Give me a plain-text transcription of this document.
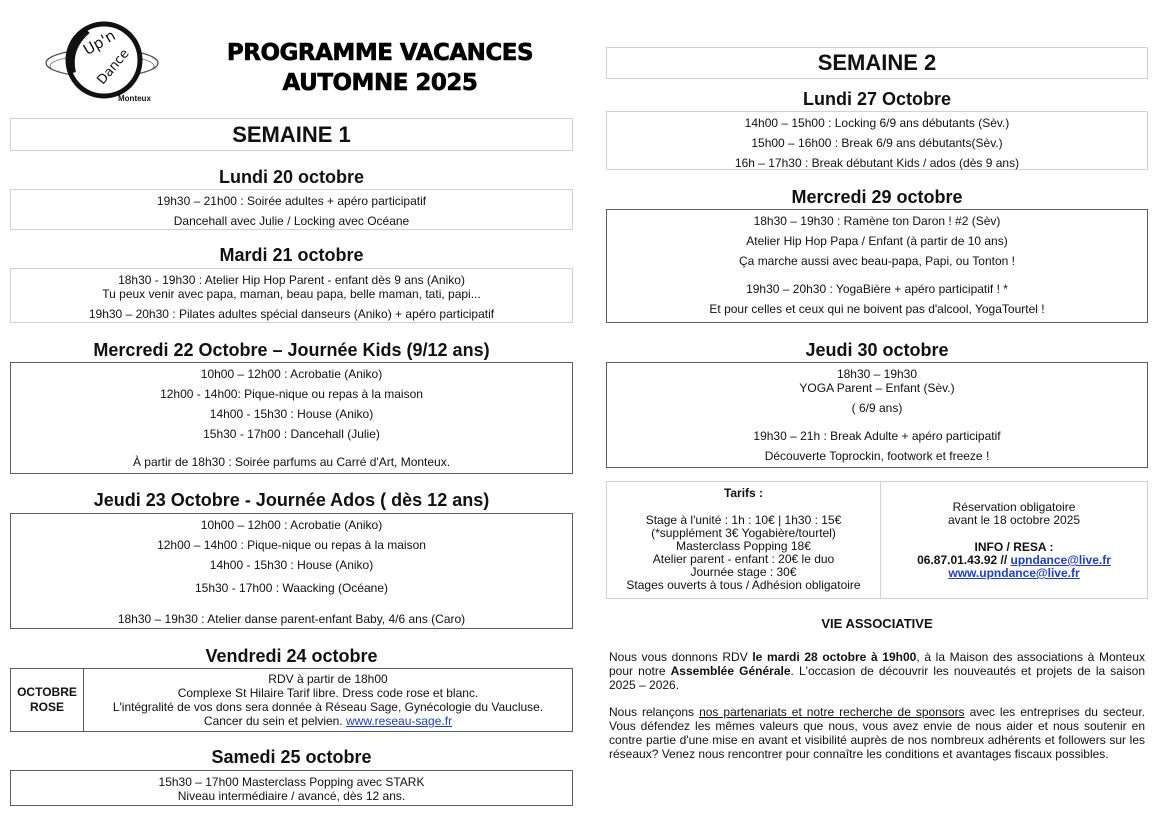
Up'n
Dance
Monteux
PROGRAMME VACANCES
AUTOMNE 2025
SEMAINE 1
Lundi 20 octobre

19h30 – 21h00 : Soirée adultes + apéro participatif

Dancehall avec Julie / Locking avec Océane

Mardi 21 octobre

18h30 - 19h30 : Atelier Hip Hop Parent - enfant dès 9 ans (Aniko)

Tu peux venir avec papa, maman, beau papa, belle maman, tati, papi...

19h30 – 20h30 : Pilates adultes spécial danseurs (Aniko) + apéro participatif

Mercredi 22 Octobre – Journée Kids (9/12 ans)

10h00 – 12h00 : Acrobatie (Aniko)

12h00 - 14h00: Pique-nique ou repas à la maison

14h00 - 15h30 : House (Aniko)

15h30 - 17h00 : Dancehall (Julie)

À partir de 18h30 : Soirée parfums au Carré d'Art, Monteux.

Jeudi 23 Octobre - Journée Ados ( dès 12 ans)

10h00 – 12h00 : Acrobatie (Aniko)

12h00 – 14h00 : Pique-nique ou repas à la maison

14h00 - 15h30 : House (Aniko)

15h30 - 17h00 : Waacking (Océane)

18h30 – 19h30 : Atelier danse parent-enfant Baby, 4/6 ans (Caro)

Vendredi 24 octobre
OCTOBRE
ROSE

RDV à partir de 18h00

Complexe St Hilaire Tarif libre. Dress code rose et blanc.

L'intégralité de vos dons sera donnée à Réseau Sage, Gynécologie du Vaucluse.

Cancer du sein et pelvien. www.reseau-sage.fr

Samedi 25 octobre

15h30 – 17h00 Masterclass Popping avec STARK

Niveau intermédiaire / avancé, dès 12 ans.

SEMAINE 2
Lundi 27 Octobre

14h00 – 15h00 : Locking 6/9 ans débutants (Sèv.)

15h00 – 16h00 : Break 6/9 ans débutants(Sèv.)

16h – 17h30 : Break débutant Kids / ados (dès 9 ans)

Mercredi 29 octobre

18h30 – 19h30 : Ramène ton Daron ! #2 (Sèv)

Atelier Hip Hop Papa / Enfant (à partir de 10 ans)

Ça marche aussi avec beau-papa, Papi, ou Tonton !

19h30 – 20h30 : YogaBière + apéro participatif ! *

Et pour celles et ceux qui ne boivent pas d'alcool, YogaTourtel !

Jeudi 30 octobre

18h30 – 19h30

YOGA Parent – Enfant (Sèv.)

( 6/9 ans)

19h30 – 21h : Break Adulte + apéro participatif

Découverte Toprockin, footwork et freeze !

Tarifs :

Stage à l'unité : 1h : 10€ | 1h30 : 15€

(*supplément 3€ Yogabière/tourtel)

Masterclass Popping 18€

Atelier parent - enfant : 20€ le duo

Journée stage : 30€

Stages ouverts à tous / Adhésion obligatoire

Réservation obligatoire

avant le 18 octobre 2025

INFO / RESA :

06.87.01.43.92 // upndance@live.fr

www.upndance@live.fr

VIE ASSOCIATIVE
Nous vous donnons RDV le mardi 28 octobre à 19h00, à la Maison des associations à Monteux pour notre Assemblée Générale. L'occasion de découvrir les nouveautés et projets de la saison 2025 – 2026.
Nous relançons nos partenariats et notre recherche de sponsors avec les entreprises du secteur. Vous défendez les mêmes valeurs que nous, vous avez envie de nous aider et nous soutenir en contre partie d'une mise en avant et visibilité auprès de nos nombreux adhérents et followers sur les réseaux? Venez nous rencontrer pour connaître les conditions et avantages fiscaux possibles.
